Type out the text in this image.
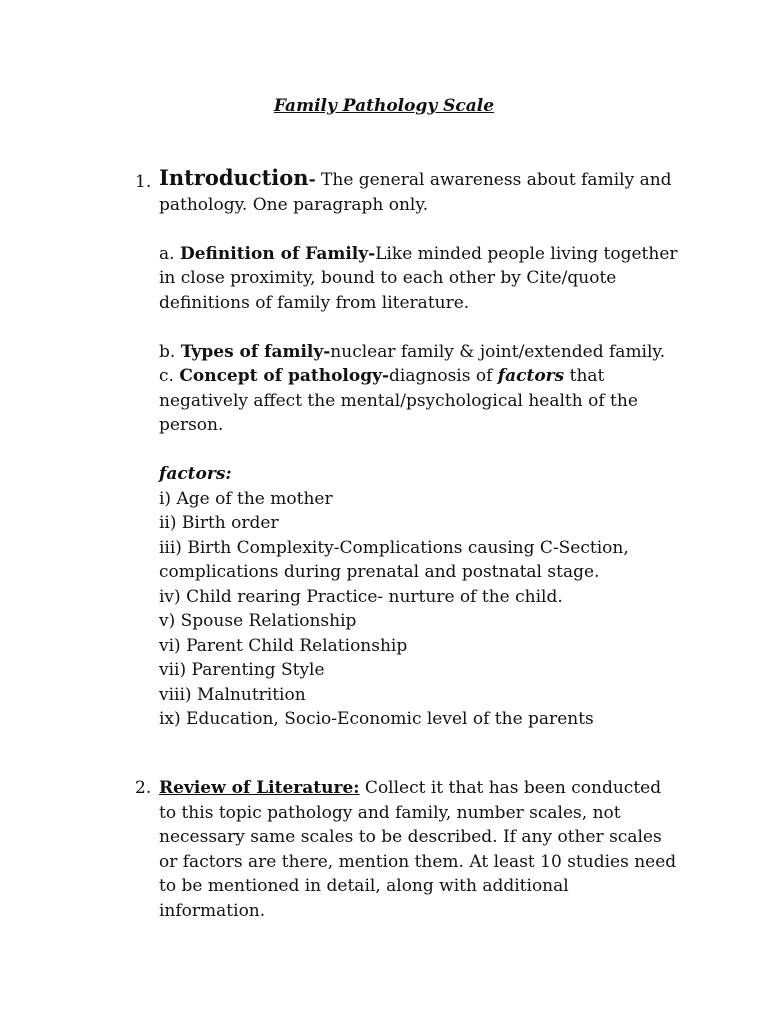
Family Pathology Scale
1. Introduction- The general awareness about family and pathology. One paragraph only.

a. Definition of Family-Like minded people living together in close proximity, bound to each other by Cite/quote definitions of family from literature.

b. Types of family-nuclear family & joint/extended family.

c. Concept of pathology-diagnosis of factors that negatively affect the mental/psychological health of the person.

factors:

i) Age of the mother

ii) Birth order

iii) Birth Complexity-Complications causing C-Section, complications during prenatal and postnatal stage.

iv) Child rearing Practice- nurture of the child.

v) Spouse Relationship

vi) Parent Child Relationship

vii) Parenting Style

viii) Malnutrition

ix) Education, Socio-Economic level of the parents

2. Review of Literature: Collect it that has been conducted to this topic pathology and family, number scales, not necessary same scales to be described. If any other scales or factors are there, mention them. At least 10 studies need to be mentioned in detail, along with additional information.
